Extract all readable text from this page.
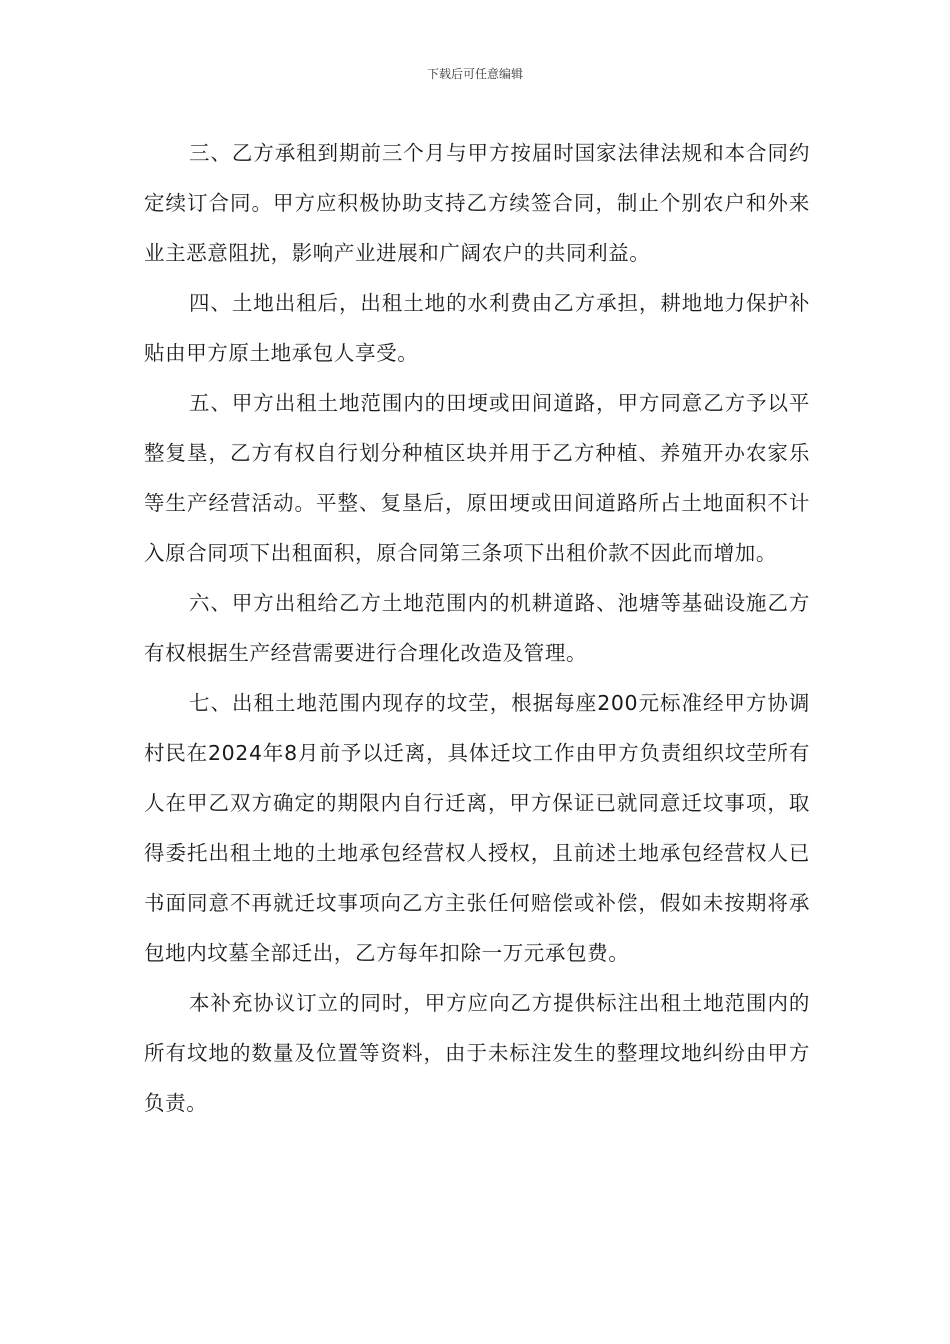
下载后可任意编辑

三、乙方承租到期前三个月与甲方按届时国家法律法规和本合同约定续订合同。甲方应积极协助支持乙方续签合同，制止个别农户和外来业主恶意阻扰，影响产业进展和广阔农户的共同利益。

四、土地出租后，出租土地的水利费由乙方承担，耕地地力保护补贴由甲方原土地承包人享受。

五、甲方出租土地范围内的田埂或田间道路，甲方同意乙方予以平整复垦，乙方有权自行划分种植区块并用于乙方种植、养殖开办农家乐等生产经营活动。平整、复垦后，原田埂或田间道路所占土地面积不计入原合同项下出租面积，原合同第三条项下出租价款不因此而增加。

六、甲方出租给乙方土地范围内的机耕道路、池塘等基础设施乙方有权根据生产经营需要进行合理化改造及管理。

七、出租土地范围内现存的坟茔，根据每座200元标准经甲方协调村民在2024年8月前予以迁离，具体迁坟工作由甲方负责组织坟茔所有人在甲乙双方确定的期限内自行迁离，甲方保证已就同意迁坟事项，取得委托出租土地的土地承包经营权人授权，且前述土地承包经营权人已书面同意不再就迁坟事项向乙方主张任何赔偿或补偿，假如未按期将承包地内坟墓全部迁出，乙方每年扣除一万元承包费。

本补充协议订立的同时，甲方应向乙方提供标注出租土地范围内的所有坟地的数量及位置等资料，由于未标注发生的整理坟地纠纷由甲方负责。
